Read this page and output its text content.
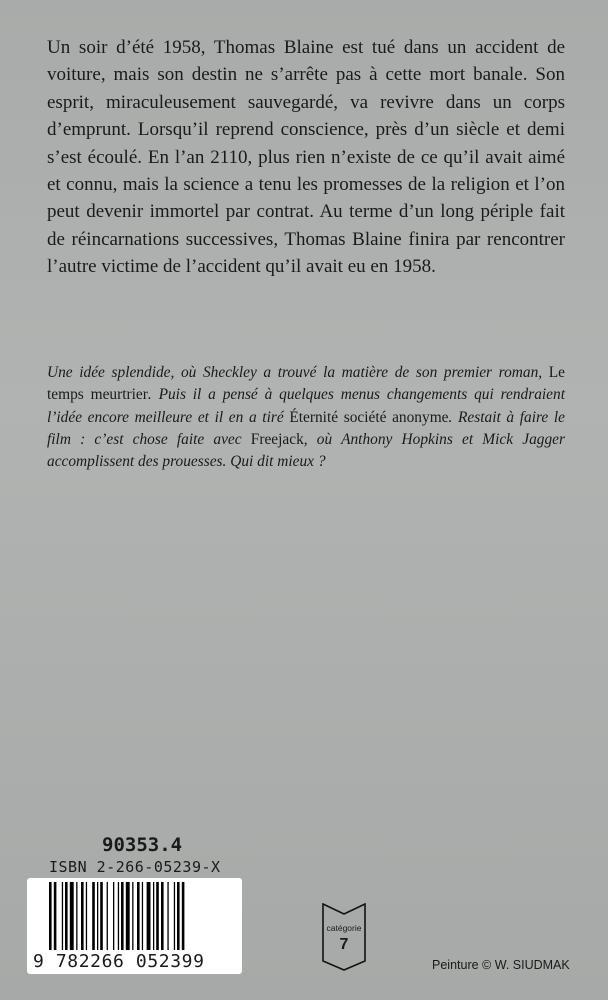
Un soir d’été 1958, Thomas Blaine est tué dans un accident de voiture, mais son destin ne s’arrête pas à cette mort banale. Son esprit, miraculeusement sauvegardé, va revivre dans un corps d’emprunt. Lorsqu’il reprend conscience, près d’un siècle et demi s’est écoulé. En l’an 2110, plus rien n’existe de ce qu’il avait aimé et connu, mais la science a tenu les promesses de la religion et l’on peut devenir immortel par contrat. Au terme d’un long périple fait de réincarnations successives, Thomas Blaine finira par rencontrer l’autre victime de l’accident qu’il avait eu en 1958.

Une idée splendide, où Sheckley a trouvé la matière de son premier roman, Le temps meurtrier. Puis il a pensé à quelques menus changements qui rendraient l’idée encore meilleure et il en a tiré Éternité société anonyme. Restait à faire le film : c’est chose faite avec Freejack, où Anthony Hopkins et Mick Jagger accomplissent des prouesses. Qui dit mieux ?

90353.4
ISBN 2-266-05239-X
9 782266 052399
catégorie
7
Peinture © W. SIUDMAK
